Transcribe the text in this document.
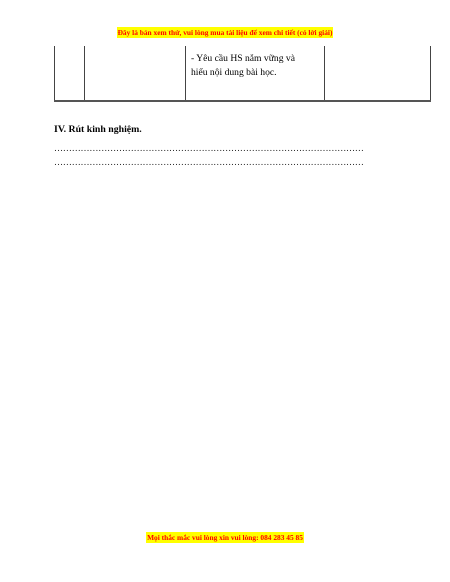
Đây là bản xem thử, vui lòng mua tài liệu để xem chi tiết (có lời giải)

- Yêu cầu HS nắm vững và
hiểu nội dung bài học.

IV. Rút kinh nghiệm.
……………………………………………………………………………………………
……………………………………………………………………………………………
Mọi thắc mắc vui lòng xin vui lòng: 084 283 45 85
